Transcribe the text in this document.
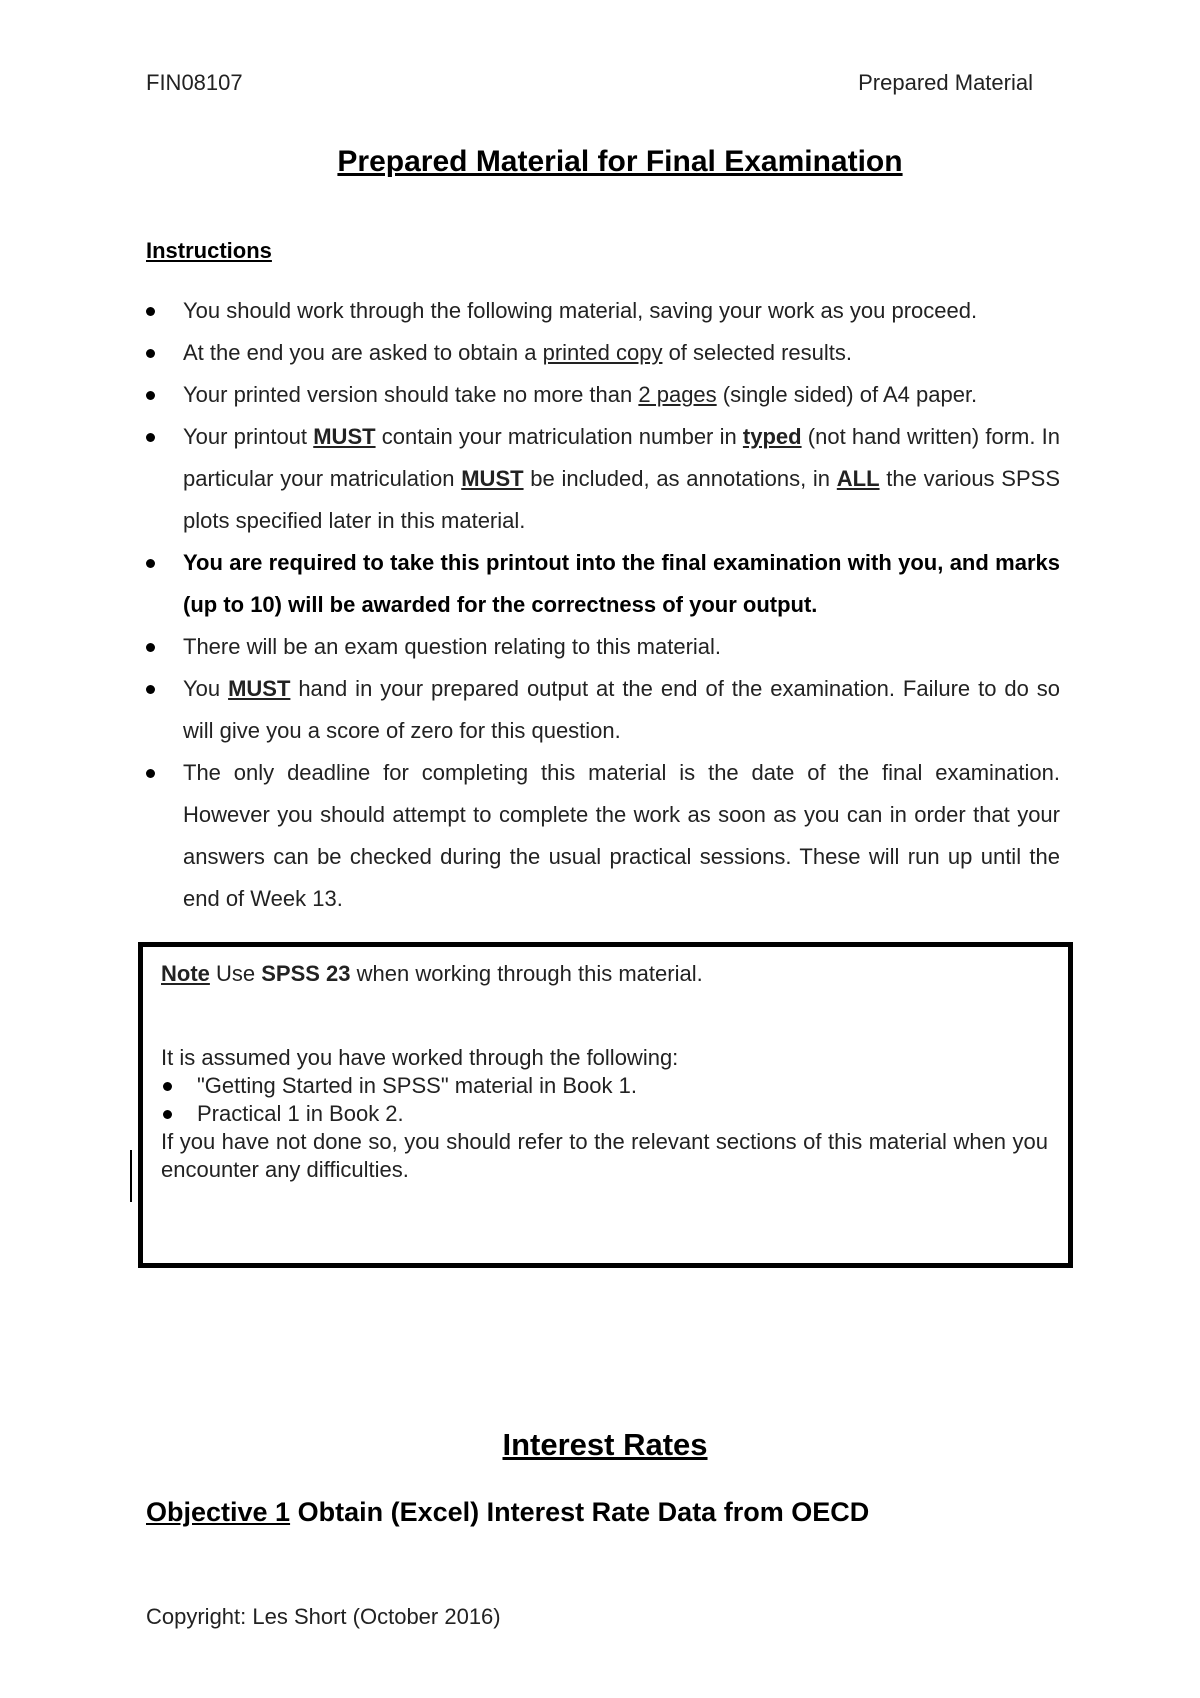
FIN08107	Prepared Material
Prepared Material for Final Examination
Instructions
You should work through the following material, saving your work as you proceed.
At the end you are asked to obtain a printed copy of selected results.
Your printed version should take no more than 2 pages (single sided) of A4 paper.
Your printout MUST contain your matriculation number in typed (not hand written) form. In particular your matriculation MUST be included, as annotations, in ALL the various SPSS plots specified later in this material.
You are required to take this printout into the final examination with you, and marks (up to 10) will be awarded for the correctness of your output.
There will be an exam question relating to this material.
You MUST hand in your prepared output at the end of the examination. Failure to do so will give you a score of zero for this question.
The only deadline for completing this material is the date of the final examination. However you should attempt to complete the work as soon as you can in order that your answers can be checked during the usual practical sessions. These will run up until the end of Week 13.

Note Use SPSS 23 when working through this material.

It is assumed you have worked through the following:

"Getting Started in SPSS" material in Book 1.
Practical 1 in Book 2.

If you have not done so, you should refer to the relevant sections of this material when you encounter any difficulties.

Interest Rates
Objective 1 Obtain (Excel) Interest Rate Data from OECD
Copyright: Les Short (October 2016)
